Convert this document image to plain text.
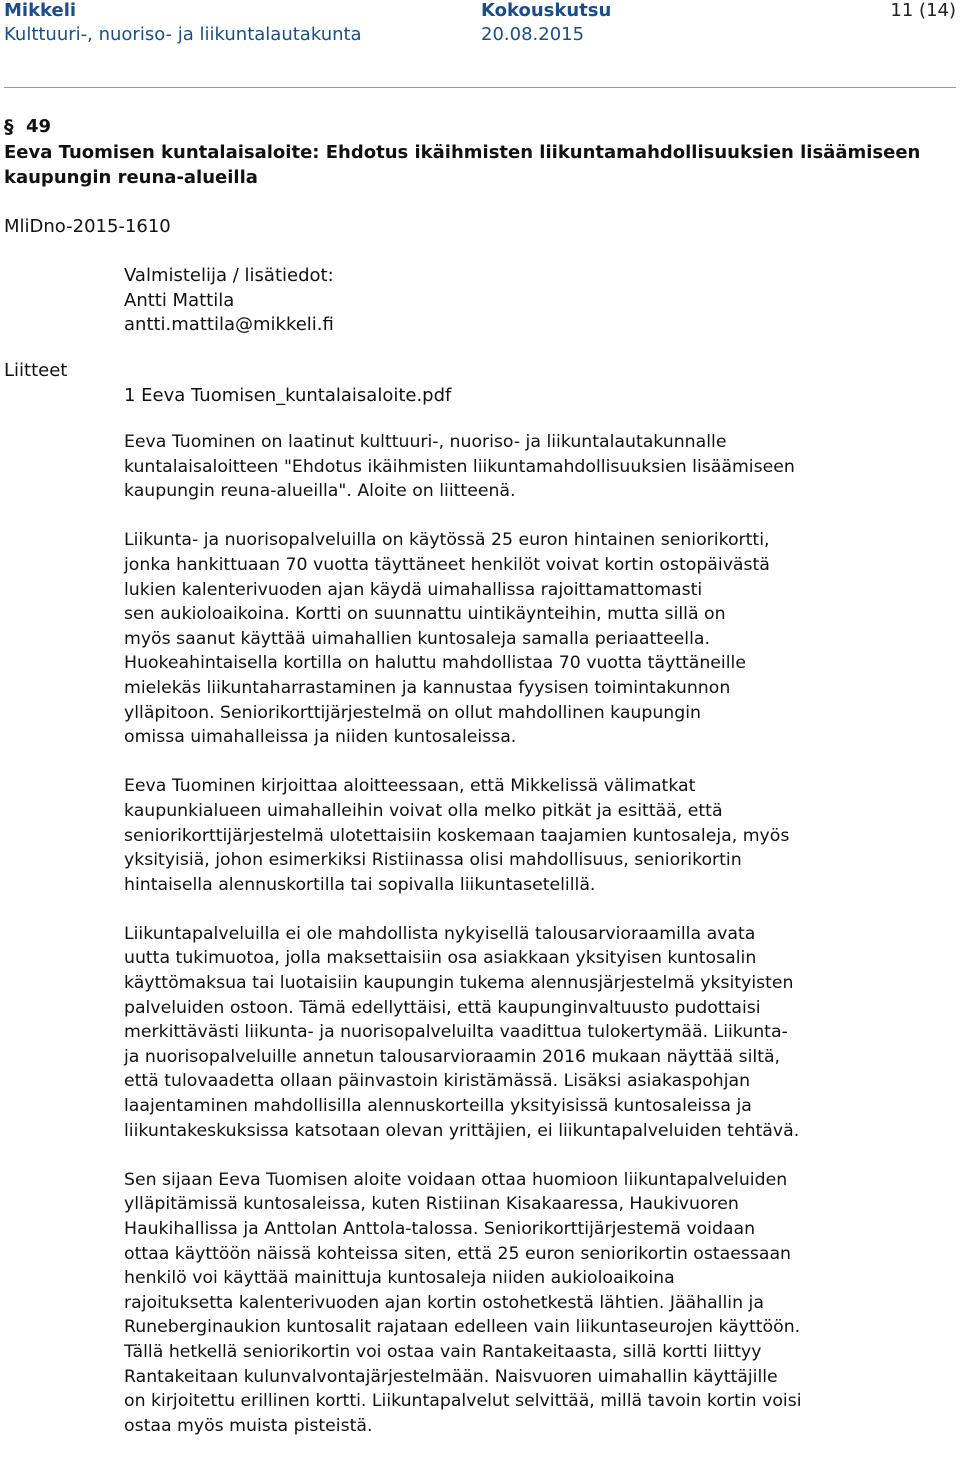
Mikkeli
Kulttuuri-, nuoriso- ja liikuntalautakunta
Kokouskutsu
20.08.2015
11 (14)
§ 49
Eeva Tuomisen kuntalaisaloite: Ehdotus ikäihmisten liikuntamahdollisuuksien lisäämiseen kaupungin reuna-alueilla
MliDno-2015-1610
Valmistelija / lisätiedot:
Antti Mattila
antti.mattila@mikkeli.fi
Liitteet
1 Eeva Tuomisen_kuntalaisaloite.pdf

Eeva Tuominen on laatinut kulttuuri-, nuoriso- ja liikuntalautakunnalle
kuntalaisaloitteen "Ehdotus ikäihmisten liikuntamahdollisuuksien lisäämiseen
kaupungin reuna-alueilla". Aloite on liitteenä.

Liikunta- ja nuorisopalveluilla on käytössä 25 euron hintainen seniorikortti,
jonka hankittuaan 70 vuotta täyttäneet henkilöt voivat kortin ostopäivästä
lukien kalenterivuoden ajan käydä uimahallissa rajoittamattomasti
sen aukioloaikoina. Kortti on suunnattu uintikäynteihin, mutta sillä on
myös saanut käyttää uimahallien kuntosaleja samalla periaatteella.
Huokeahintaisella kortilla on haluttu mahdollistaa 70 vuotta täyttäneille
mielekäs liikuntaharrastaminen ja kannustaa fyysisen toimintakunnon
ylläpitoon. Seniorikorttijärjestelmä on ollut mahdollinen kaupungin
omissa uimahalleissa ja niiden kuntosaleissa.

Eeva Tuominen kirjoittaa aloitteessaan, että Mikkelissä välimatkat
kaupunkialueen uimahalleihin voivat olla melko pitkät ja esittää, että
seniorikorttijärjestelmä ulotettaisiin koskemaan taajamien kuntosaleja, myös
yksityisiä, johon esimerkiksi Ristiinassa olisi mahdollisuus, seniorikortin
hintaisella alennuskortilla tai sopivalla liikuntasetelillä.

Liikuntapalveluilla ei ole mahdollista nykyisellä talousarvioraamilla avata
uutta tukimuotoa, jolla maksettaisiin osa asiakkaan yksityisen kuntosalin
käyttömaksua tai luotaisiin kaupungin tukema alennusjärjestelmä yksityisten
palveluiden ostoon. Tämä edellyttäisi, että kaupunginvaltuusto pudottaisi
merkittävästi liikunta- ja nuorisopalveluilta vaadittua tulokertymää. Liikunta-
ja nuorisopalveluille annetun talousarvioraamin 2016 mukaan näyttää siltä,
että tulovaadetta ollaan päinvastoin kiristämässä. Lisäksi asiakaspohjan
laajentaminen mahdollisilla alennuskorteilla yksityisissä kuntosaleissa ja
liikuntakeskuksissa katsotaan olevan yrittäjien, ei liikuntapalveluiden tehtävä.

Sen sijaan Eeva Tuomisen aloite voidaan ottaa huomioon liikuntapalveluiden
ylläpitämissä kuntosaleissa, kuten Ristiinan Kisakaaressa, Haukivuoren
Haukihallissa ja Anttolan Anttola-talossa. Seniorikorttijärjestemä voidaan
ottaa käyttöön näissä kohteissa siten, että 25 euron seniorikortin ostaessaan
henkilö voi käyttää mainittuja kuntosaleja niiden aukioloaikoina
rajoituksetta kalenterivuoden ajan kortin ostohetkestä lähtien. Jäähallin ja
Runeberginaukion kuntosalit rajataan edelleen vain liikuntaseurojen käyttöön.
Tällä hetkellä seniorikortin voi ostaa vain Rantakeitaasta, sillä kortti liittyy
Rantakeitaan kulunvalvontajärjestelmään. Naisvuoren uimahallin käyttäjille
on kirjoitettu erillinen kortti. Liikuntapalvelut selvittää, millä tavoin kortin voisi
ostaa myös muista pisteistä.
